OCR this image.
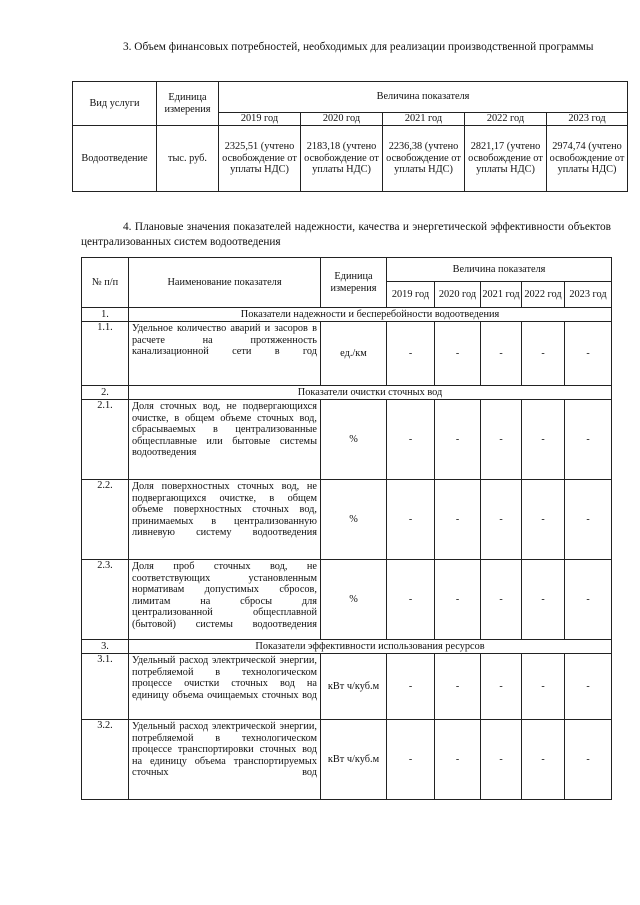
3. Объем финансовых потребностей, необходимых для реализации производственной программы
Вид услуги	Единица измерения	Величина показателя				
		2019 год	2020 год	2021 год	2022 год	2023 год
Водоотведение	тыс. руб.	2325,51 (учтено освобождение от уплаты НДС)	2183,18 (учтено освобождение от уплаты НДС)	2236,38 (учтено освобождение от уплаты НДС)	2821,17 (учтено освобождение от уплаты НДС)	2974,74 (учтено освобождение от уплаты НДС)
4. Плановые значения показателей надежности, качества и энергетической эффективности объектов централизованных систем водоотведения
№ п/п	Наименование показателя	Единица измерения	Величина показателя				
			2019 год	2020 год	2021 год	2022 год	2023 год
1.	Показатели надежности и бесперебойности водоотведения						
1.1.	Удельное количество аварий и засоров в расчете на протяженность канализационной сети в год	ед./км	-	-	-	-	-
2.	Показатели очистки сточных вод						
2.1.	Доля сточных вод, не подвергающихся очистке, в общем объеме сточных вод, сбрасываемых в централизованные общесплавные или бытовые системы водоотведения	%	-	-	-	-	-
2.2.	Доля поверхностных сточных вод, не подвергающихся очистке, в общем объеме поверхностных сточных вод, принимаемых в централизованную ливневую систему водоотведения	%	-	-	-	-	-
2.3.	Доля проб сточных вод, не соответствующих установленным нормативам допустимых сбросов, лимитам на сбросы для централизованной общесплавной (бытовой) системы водоотведения	%	-	-	-	-	-
3.	Показатели эффективности использования ресурсов						
3.1.	Удельный расход электрической энергии, потребляемой в технологическом процессе очистки сточных вод на единицу объема очищаемых сточных вод	кВт ч/куб.м	-	-	-	-	-
3.2.	Удельный расход электрической энергии, потребляемой в технологическом процессе транспортировки сточных вод на единицу объема транспортируемых сточных вод	кВт ч/куб.м	-	-	-	-	-
